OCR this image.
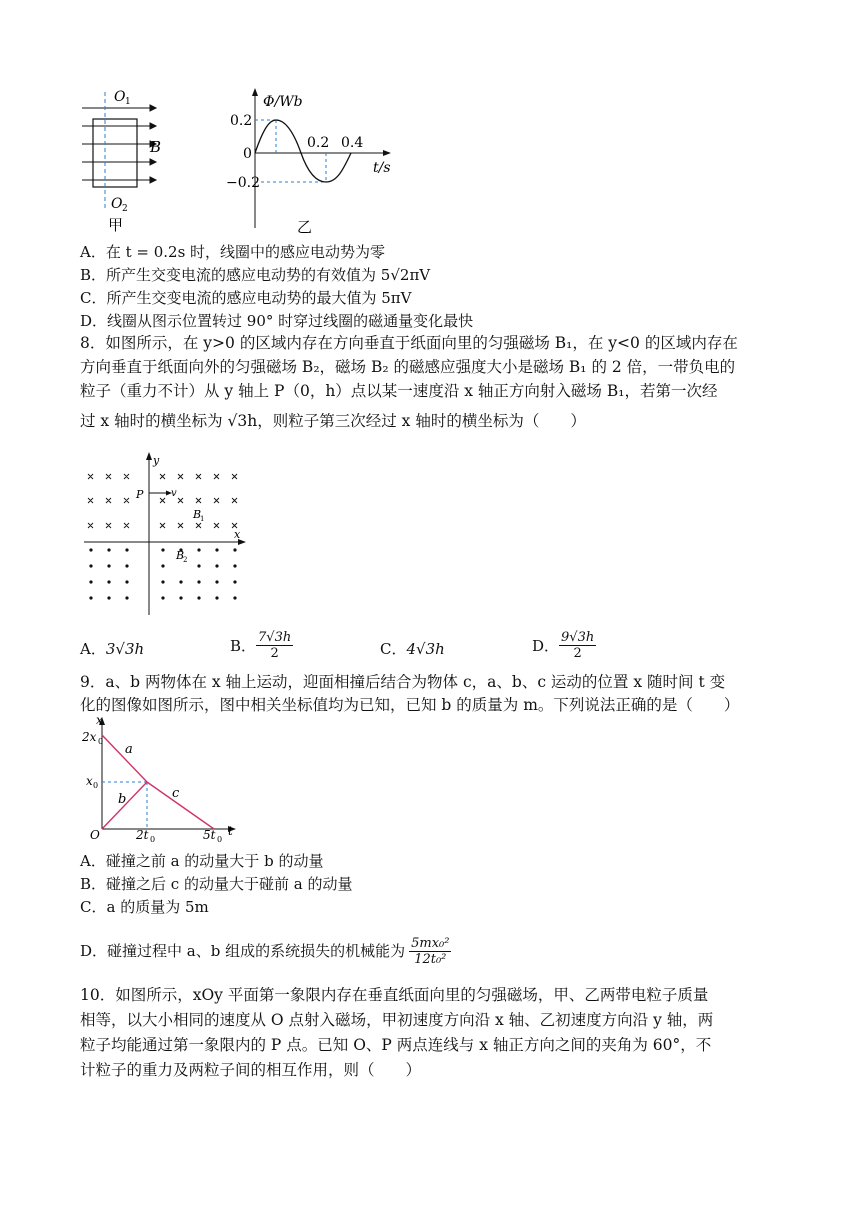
O 1
B
O 2
甲
Φ/Wb
0.2
0
−0.2
0.2 0.4
t/s
乙
A．在 t = 0.2s 时，线圈中的感应电动势为零
B．所产生交变电流的感应电动势的有效值为 5√2πV
C．所产生交变电流的感应电动势的最大值为 5πV
D．线圈从图示位置转过 90° 时穿过线圈的磁通量变化最快
8．如图所示，在 y>0 的区域内存在方向垂直于纸面向里的匀强磁场 B₁，在 y<0 的区域内存在
方向垂直于纸面向外的匀强磁场 B₂，磁场 B₂ 的磁感应强度大小是磁场 B₁ 的 2 倍，一带负电的
粒子（重力不计）从 y 轴上 P（0，h）点以某一速度沿 x 轴正方向射入磁场 B₁，若第一次经
过 x 轴时的横坐标为 √3h，则粒子第三次经过 x 轴时的横坐标为（　　）
P	v
y
x
B
1
B
2
A．3√3h	B． $\frac{7√3h}{2}$	C．4√3h	D． $\frac{9√3h}{2}$
9．a、b 两物体在 x 轴上运动，迎面相撞后结合为物体 c，a、b、c 运动的位置 x 随时间 t 变
化的图像如图所示，图中相关坐标值均为已知，已知 b 的质量为 m。下列说法正确的是（　　）
x
t
2x 0
x 0
O	2t 0	5t 0
a
b	c
A．碰撞之前 a 的动量大于 b 的动量
B．碰撞之后 c 的动量大于碰前 a 的动量
C．a 的质量为 5m
D．碰撞过程中 a、b 组成的系统损失的机械能为 $\frac{\text{5mx₀²}}{\text{12t₀²}}$
10．如图所示，xOy 平面第一象限内存在垂直纸面向里的匀强磁场，甲、乙两带电粒子质量
相等，以大小相同的速度从 O 点射入磁场，甲初速度方向沿 x 轴、乙初速度方向沿 y 轴，两
粒子均能通过第一象限内的 P 点。已知 O、P 两点连线与 x 轴正方向之间的夹角为 60°，不
计粒子的重力及两粒子间的相互作用，则（　　）
